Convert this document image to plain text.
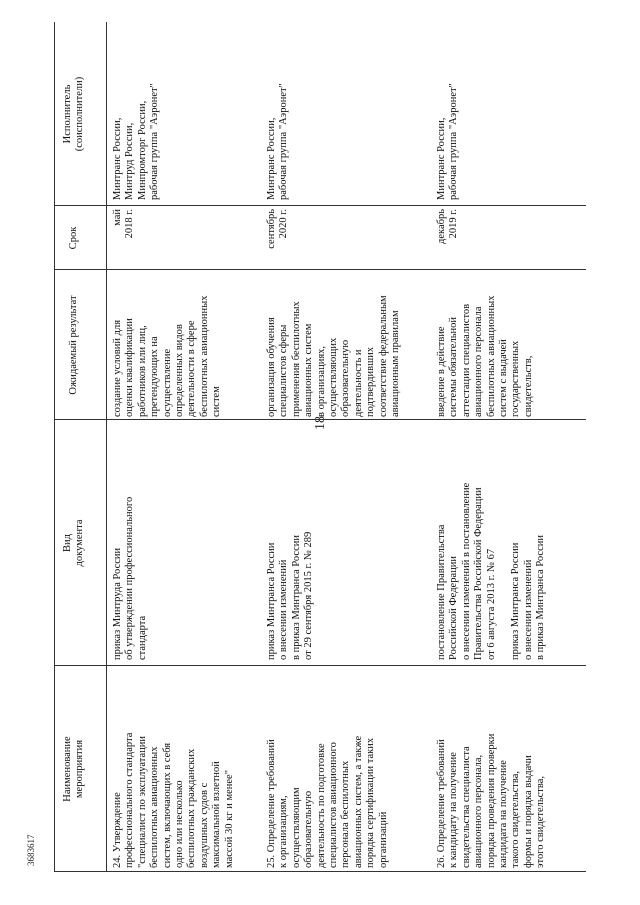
18
Наименование
мероприятия
Вид
документа
Ожидаемый результат
Срок
Исполнитель
(соисполнители)
24. Утверждение
профессионального стандарта
"специалист по эксплуатации
беспилотных авиационных
систем, включающих в себя
одно или несколько
беспилотных гражданских
воздушных судов с
максимальной взлетной
массой 30 кг и менее"
приказ Минтруда России
об утверждении профессионального
стандарта
создание условий для
оценки квалификации
работников или лиц,
претендующих на
осуществление
определенных видов
деятельности в сфере
беспилотных авиационных
систем
май
2018 г.
Минтранс России,
Минтруд России,
Минпромторг России,
рабочая группа "Аэронет"
25. Определение требований
к организациям,
осуществляющим
образовательную
деятельность по подготовке
специалистов авиационного
персонала беспилотных
авиационных систем, а также
порядка сертификации таких
организаций
приказ Минтранса России
о внесении изменений
в приказ Минтранса России
от 29 сентября 2015 г. № 289
организация обучения
специалистов сферы
применения беспилотных
авиационных систем
в организациях,
осуществляющих
образовательную
деятельность и
подтвердивших
соответствие федеральным
авиационным правилам
сентябрь
2020 г.
Минтранс России,
рабочая группа "Аэронет"
26. Определение требований
к кандидату на получение
свидетельства специалиста
авиационного персонала,
порядка проведения проверки
кандидата на получение
такого свидетельства,
формы и порядка выдачи
этого свидетельства,
постановление Правительства
Российской Федерации
о внесении изменений в постановление
Правительства Российской Федерации
от 6 августа 2013 г. № 67

приказ Минтранса России
о внесении изменений
в приказ Минтранса России
введение в действие
системы обязательной
аттестации специалистов
авиационного персонала
беспилотных авиационных
систем с выдачей
государственных
свидетельств,
декабрь
2019 г.
Минтранс России,
рабочая группа "Аэронет"
3683617
